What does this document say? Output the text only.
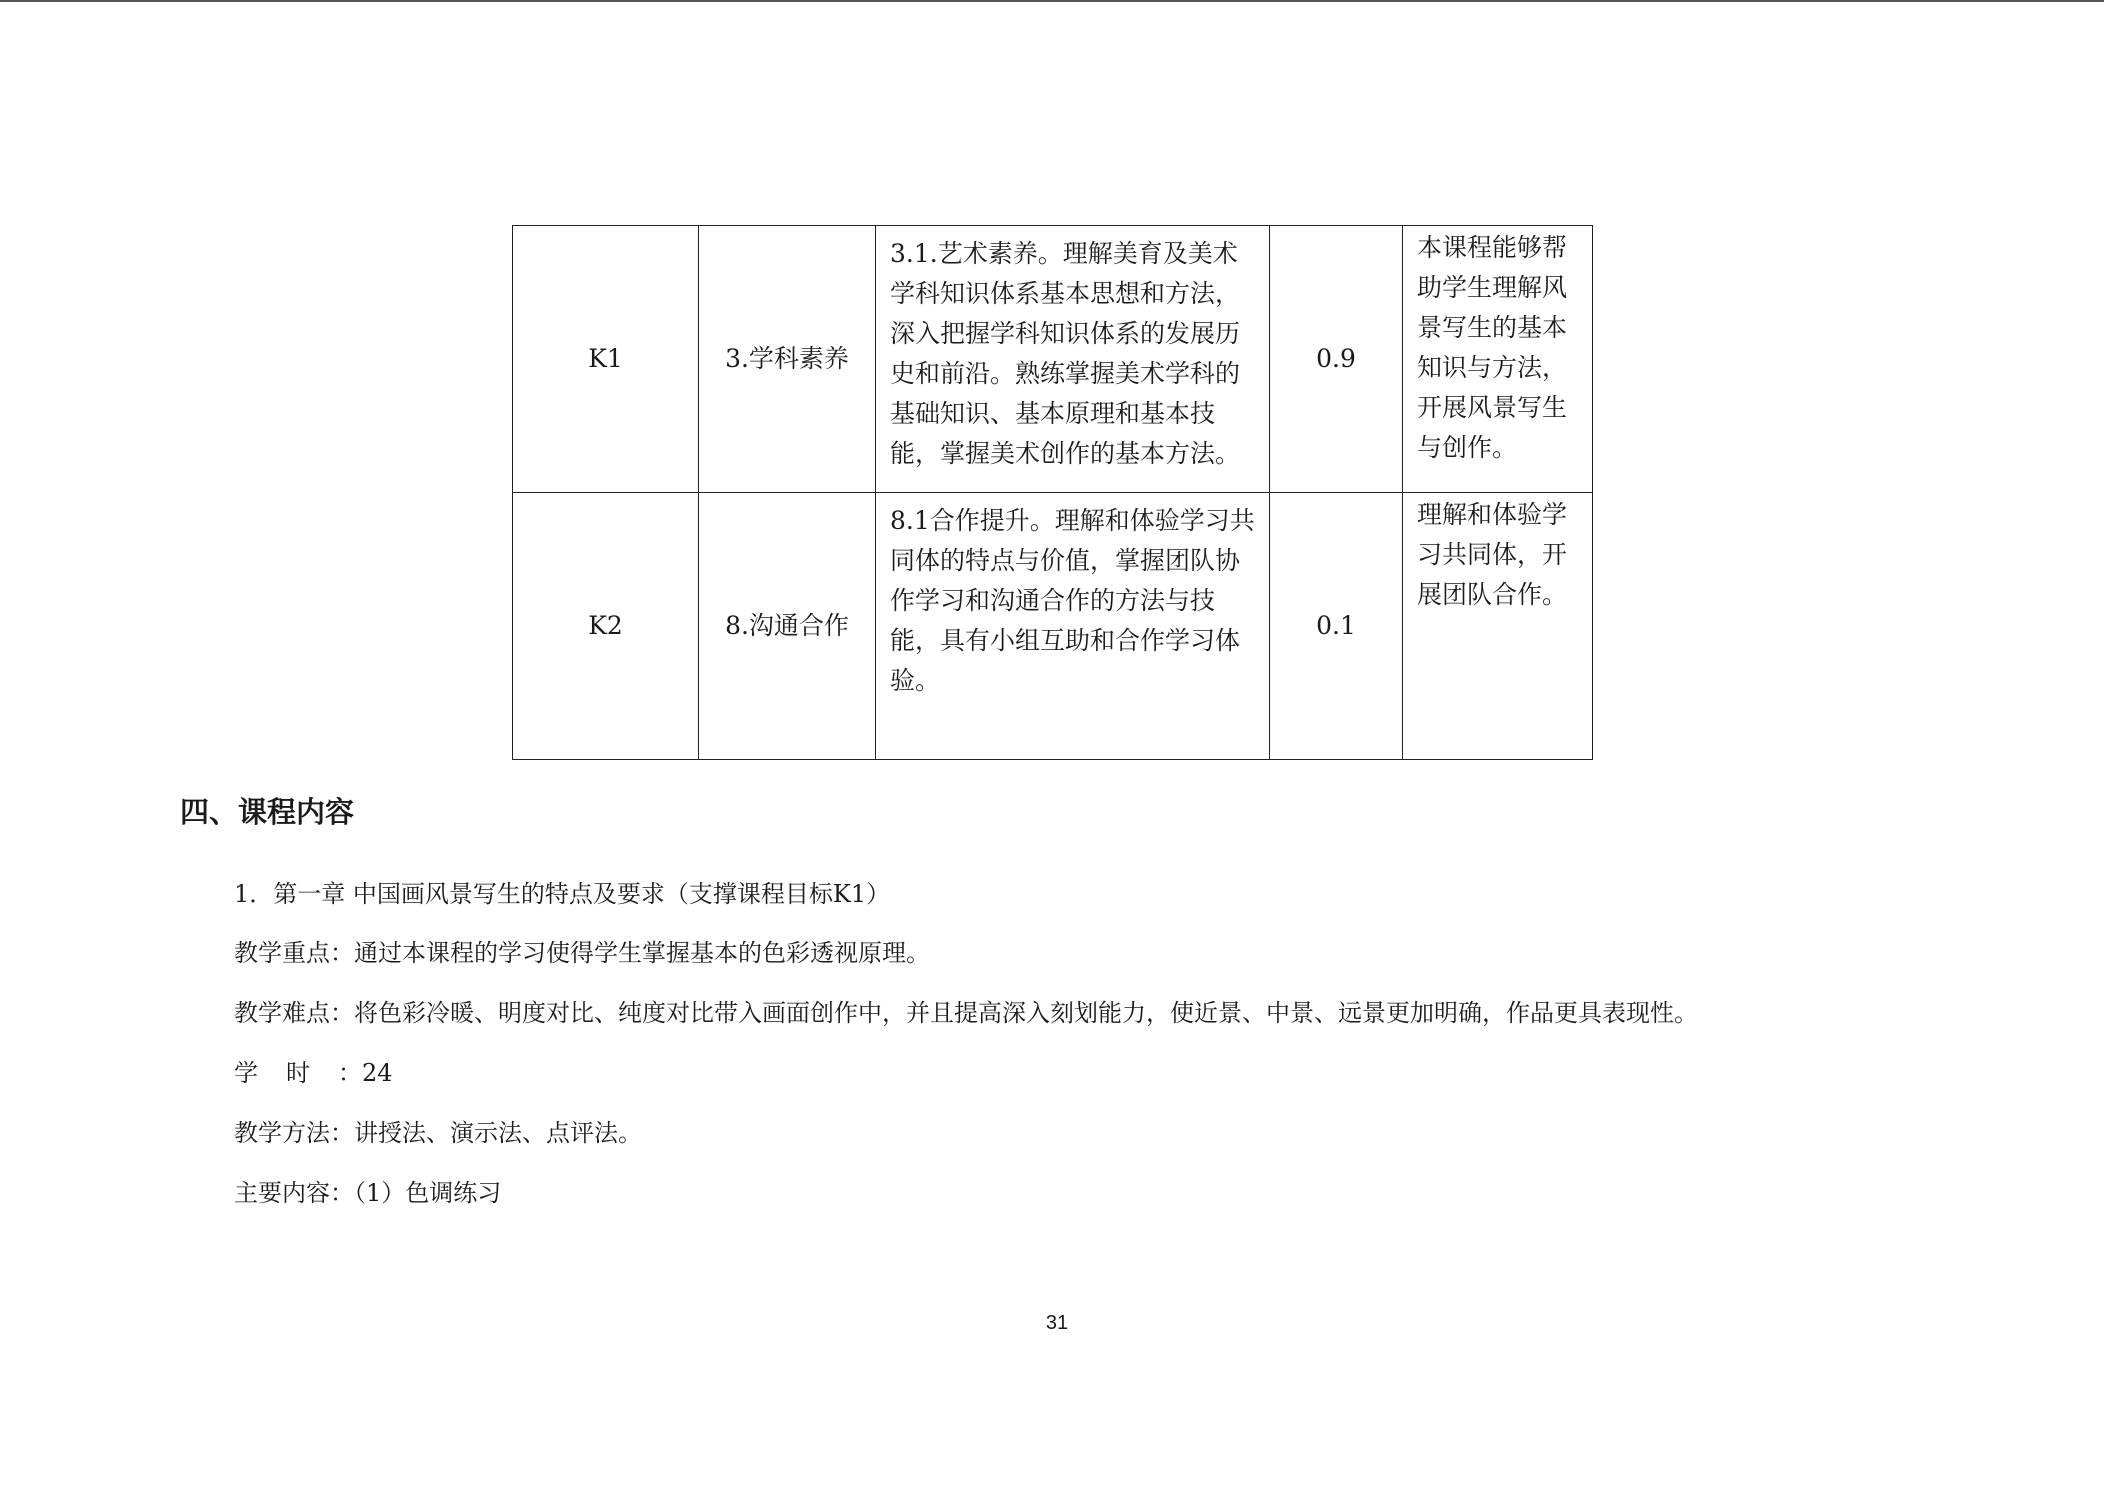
K1	3.学科素养	3.1.艺术素养。理解美育及美术学科知识体系基本思想和方法，深入把握学科知识体系的发展历史和前沿。熟练掌握美术学科的基础知识、基本原理和基本技能，掌握美术创作的基本方法。	0.9	本课程能够帮助学生理解风景写生的基本知识与方法，开展风景写生与创作。
K2	8.沟通合作	8.1合作提升。理解和体验学习共同体的特点与价值，掌握团队协作学习和沟通合作的方法与技能，具有小组互助和合作学习体验。	0.1	理解和体验学习共同体，开展团队合作。
四、课程内容

1．第一章 中国画风景写生的特点及要求（支撑课程目标K1）

教学重点：通过本课程的学习使得学生掌握基本的色彩透视原理。

教学难点：将色彩冷暖、明度对比、纯度对比带入画面创作中，并且提高深入刻划能力，使近景、中景、远景更加明确，作品更具表现性。

学时：24

教学方法：讲授法、演示法、点评法。

主要内容：（1）色调练习

31
